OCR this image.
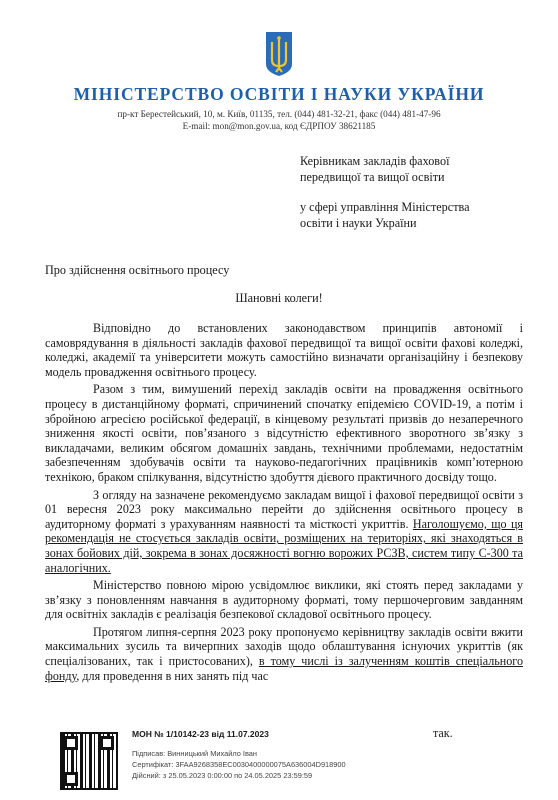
МІНІСТЕРСТВО ОСВІТИ І НАУКИ УКРАЇНИ
пр-кт Берестейський, 10, м. Київ, 01135, тел. (044) 481-32-21, факс (044) 481-47-96
E-mail: mon@mon.gov.ua, код ЄДРПОУ 38621185

Керівникам закладів фахової

передвищої та вищої освіти

у сфері управління Міністерства

освіти і науки України

Про здійснення освітнього процесу
Шановні колеги!

Відповідно до встановлених законодавством принципів автономії і самоврядування в діяльності закладів фахової передвищої та вищої освіти фахові коледжі, коледжі, академії та університети можуть самостійно визначати організаційну і безпекову модель провадження освітнього процесу.

Разом з тим, вимушений перехід закладів освіти на провадження освітнього процесу в дистанційному форматі, спричинений спочатку епідемією COVID-19, а потім і збройною агресією російської федерації, в кінцевому результаті призвів до незаперечного зниження якості освіти, пов’язаного з відсутністю ефективного зворотного зв’язку з викладачами, великим обсягом домашніх завдань, технічними проблемами, недостатнім забезпеченням здобувачів освіти та науково-педагогічних працівників комп’ютерною технікою, браком спілкування, відсутністю здобуття дієвого практичного досвіду тощо.

З огляду на зазначене рекомендуємо закладам вищої і фахової передвищої освіти з 01 вересня 2023 року максимально перейти до здійснення освітнього процесу в аудиторному форматі з урахуванням наявності та місткості укриттів. Наголошуємо, що ця рекомендація не стосується закладів освіти, розміщених на територіях, які знаходяться в зонах бойових дій, зокрема в зонах досяжності вогню ворожих РСЗВ, систем типу С-300 та аналогічних.

Міністерство повною мірою усвідомлює виклики, які стоять перед закладами у зв’язку з поновленням навчання в аудиторному форматі, тому першочерговим завданням для освітніх закладів є реалізація безпекової складової освітнього процесу.

Протягом липня-серпня 2023 року пропонуємо керівництву закладів освіти вжити максимальних зусиль та вичерпних заходів щодо облаштування існуючих укриттів (як спеціалізованих, так і пристосованих), в тому числі із залученням коштів спеціального фонду, для проведення в них занять під час

МОН № 1/10142-23 від 11.07.2023
Підписав: Винницький Михайло Іван
Сертифікат: 3FAA9268358EC0030400000075A636004D918900
Дійсний: з 25.05.2023 0:00:00 по 24.05.2025 23:59:59
так.
